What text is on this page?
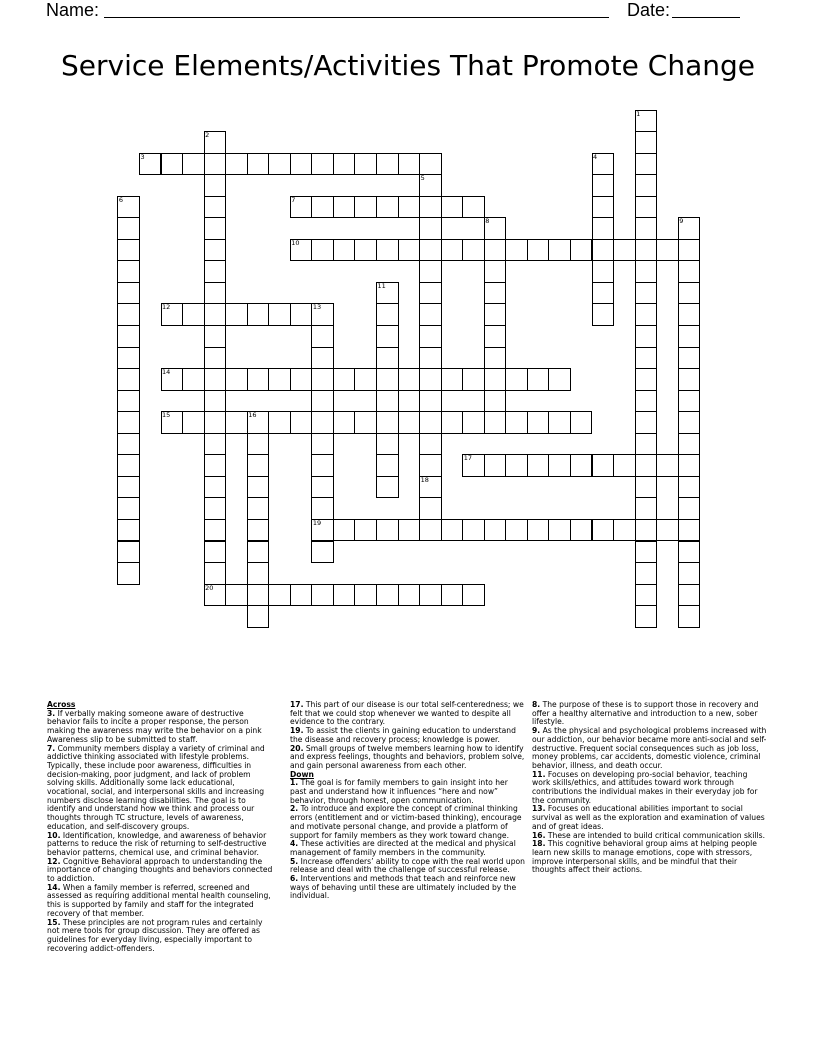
Name:	Date:
Service Elements/Activities That Promote Change
1
2
3	4
5
6	7
8	9
10
11
12	13
14
15	16
17
18
19
20

Across

3. If verbally making someone aware of destructive behavior fails to incite a proper response, the person making the awareness may write the behavior on a pink Awareness slip to be submitted to staff.

7. Community members display a variety of criminal and addictive thinking associated with lifestyle problems. Typically, these include poor awareness, difficulties in decision-making, poor judgment, and lack of problem solving skills. Additionally some lack educational, vocational, social, and interpersonal skills and increasing numbers disclose learning disabilities. The goal is to identify and understand how we think and process our thoughts through TC structure, levels of awareness, education, and self-discovery groups.

10. Identification, knowledge, and awareness of behavior patterns to reduce the risk of returning to self-destructive behavior patterns, chemical use, and criminal behavior.

12. Cognitive Behavioral approach to understanding the importance of changing thoughts and behaviors connected to addiction.

14. When a family member is referred, screened and assessed as requiring additional mental health counseling, this is supported by family and staff for the integrated recovery of that member.

15. These principles are not program rules and certainly not mere tools for group discussion. They are offered as guidelines for everyday living, especially important to recovering addict-offenders.

17. This part of our disease is our total self-centeredness; we felt that we could stop whenever we wanted to despite all evidence to the contrary.

19. To assist the clients in gaining education to understand the disease and recovery process; knowledge is power.

20. Small groups of twelve members learning how to identify and express feelings, thoughts and behaviors, problem solve, and gain personal awareness from each other.

Down

1. The goal is for family members to gain insight into her past and understand how it influences “here and now” behavior, through honest, open communication.

2. To introduce and explore the concept of criminal thinking errors (entitlement and or victim-based thinking), encourage and motivate personal change, and provide a platform of support for family members as they work toward change.

4. These activities are directed at the medical and physical management of family members in the community.

5. Increase offenders’ ability to cope with the real world upon release and deal with the challenge of successful release.

6. Interventions and methods that teach and reinforce new ways of behaving until these are ultimately included by the individual.

8. The purpose of these is to support those in recovery and offer a healthy alternative and introduction to a new, sober lifestyle.

9. As the physical and psychological problems increased with our addiction, our behavior became more anti-social and self-destructive. Frequent social consequences such as job loss, money problems, car accidents, domestic violence, criminal behavior, illness, and death occur.

11. Focuses on developing pro-social behavior, teaching work skills/ethics, and attitudes toward work through contributions the individual makes in their everyday job for the community.

13. Focuses on educational abilities important to social survival as well as the exploration and examination of values and of great ideas.

16. These are intended to build critical communication skills.

18. This cognitive behavioral group aims at helping people learn new skills to manage emotions, cope with stressors, improve interpersonal skills, and be mindful that their thoughts affect their actions.
